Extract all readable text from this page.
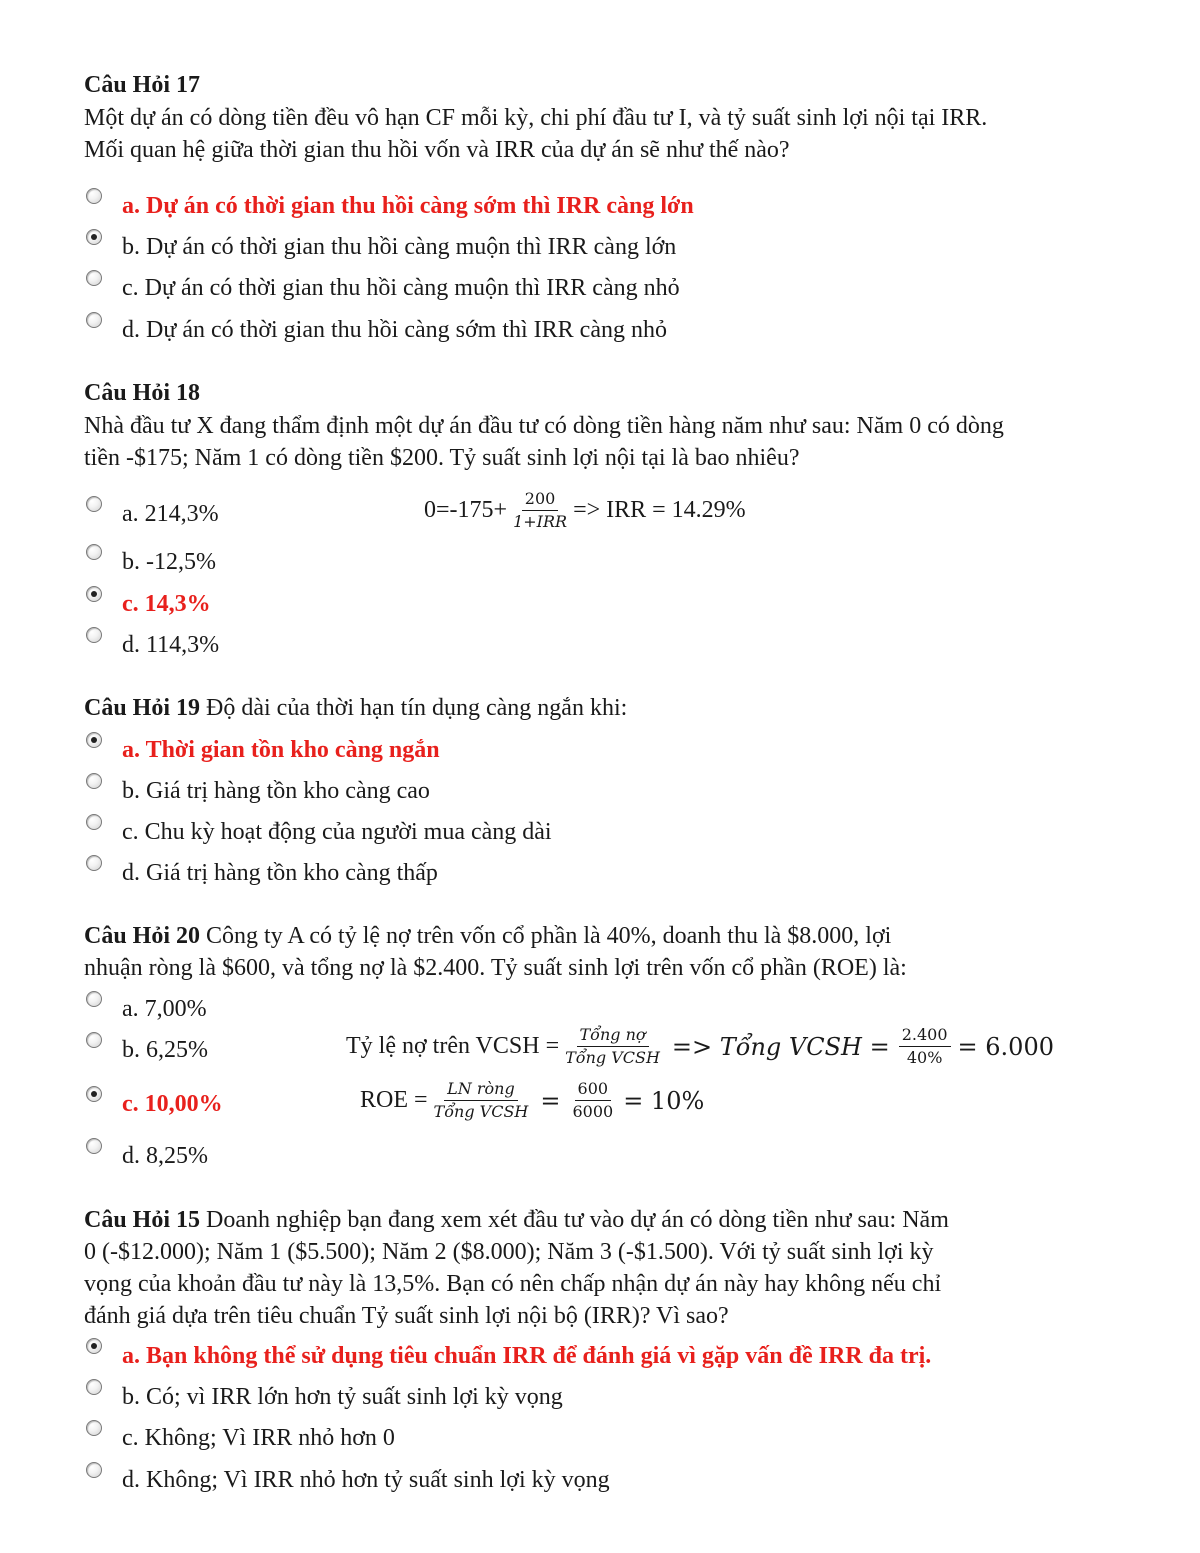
Câu Hỏi 17
Một dự án có dòng tiền đều vô hạn CF mỗi kỳ, chi phí đầu tư I, và tỷ suất sinh lợi nội tại IRR.
Mối quan hệ giữa thời gian thu hồi vốn và IRR của dự án sẽ như thế nào?
a. Dự án có thời gian thu hồi càng sớm thì IRR càng lớn
b. Dự án có thời gian thu hồi càng muộn thì IRR càng lớn
c. Dự án có thời gian thu hồi càng muộn thì IRR càng nhỏ
d. Dự án có thời gian thu hồi càng sớm thì IRR càng nhỏ
Câu Hỏi 18
Nhà đầu tư X đang thẩm định một dự án đầu tư có dòng tiền hàng năm như sau: Năm 0 có dòng
tiền -$175; Năm 1 có dòng tiền $200. Tỷ suất sinh lợi nội tại là bao nhiêu?
a. 214,3%
b. -12,5%
c. 14,3%
d. 114,3%
$0=-175+ \frac{200}{\text{1+IRR}}$ => IRR = 14.29%
Câu Hỏi 19 Độ dài của thời hạn tín dụng càng ngắn khi:
a. Thời gian tồn kho càng ngắn
b. Giá trị hàng tồn kho càng cao
c. Chu kỳ hoạt động của người mua càng dài
d. Giá trị hàng tồn kho càng thấp
Câu Hỏi 20 Công ty A có tỷ lệ nợ trên vốn cổ phần là 40%, doanh thu là $8.000, lợi
nhuận ròng là $600, và tổng nợ là $2.400. Tỷ suất sinh lợi trên vốn cổ phần (ROE) là:
a. 7,00%
b. 6,25%
c. 10,00%
d. 8,25%
Tỷ lệ nợ trên VCSH = $\frac{\text{Tổng nợ}}{\text{Tổng VCSH}}$ => Tổng VCSH = $\frac{2.400}{40\%} = 6.000$
ROE = $\frac{\text{LN ròng}}{\text{Tổng VCSH}} = \frac{600}{6000} = 10\%$
Câu Hỏi 15 Doanh nghiệp bạn đang xem xét đầu tư vào dự án có dòng tiền như sau: Năm
0 (-$12.000); Năm 1 ($5.500); Năm 2 ($8.000); Năm 3 (-$1.500). Với tỷ suất sinh lợi kỳ
vọng của khoản đầu tư này là 13,5%. Bạn có nên chấp nhận dự án này hay không nếu chỉ
đánh giá dựa trên tiêu chuẩn Tỷ suất sinh lợi nội bộ (IRR)? Vì sao?
a. Bạn không thể sử dụng tiêu chuẩn IRR để đánh giá vì gặp vấn đề IRR đa trị.
b. Có; vì IRR lớn hơn tỷ suất sinh lợi kỳ vọng
c. Không; Vì IRR nhỏ hơn 0
d. Không; Vì IRR nhỏ hơn tỷ suất sinh lợi kỳ vọng
